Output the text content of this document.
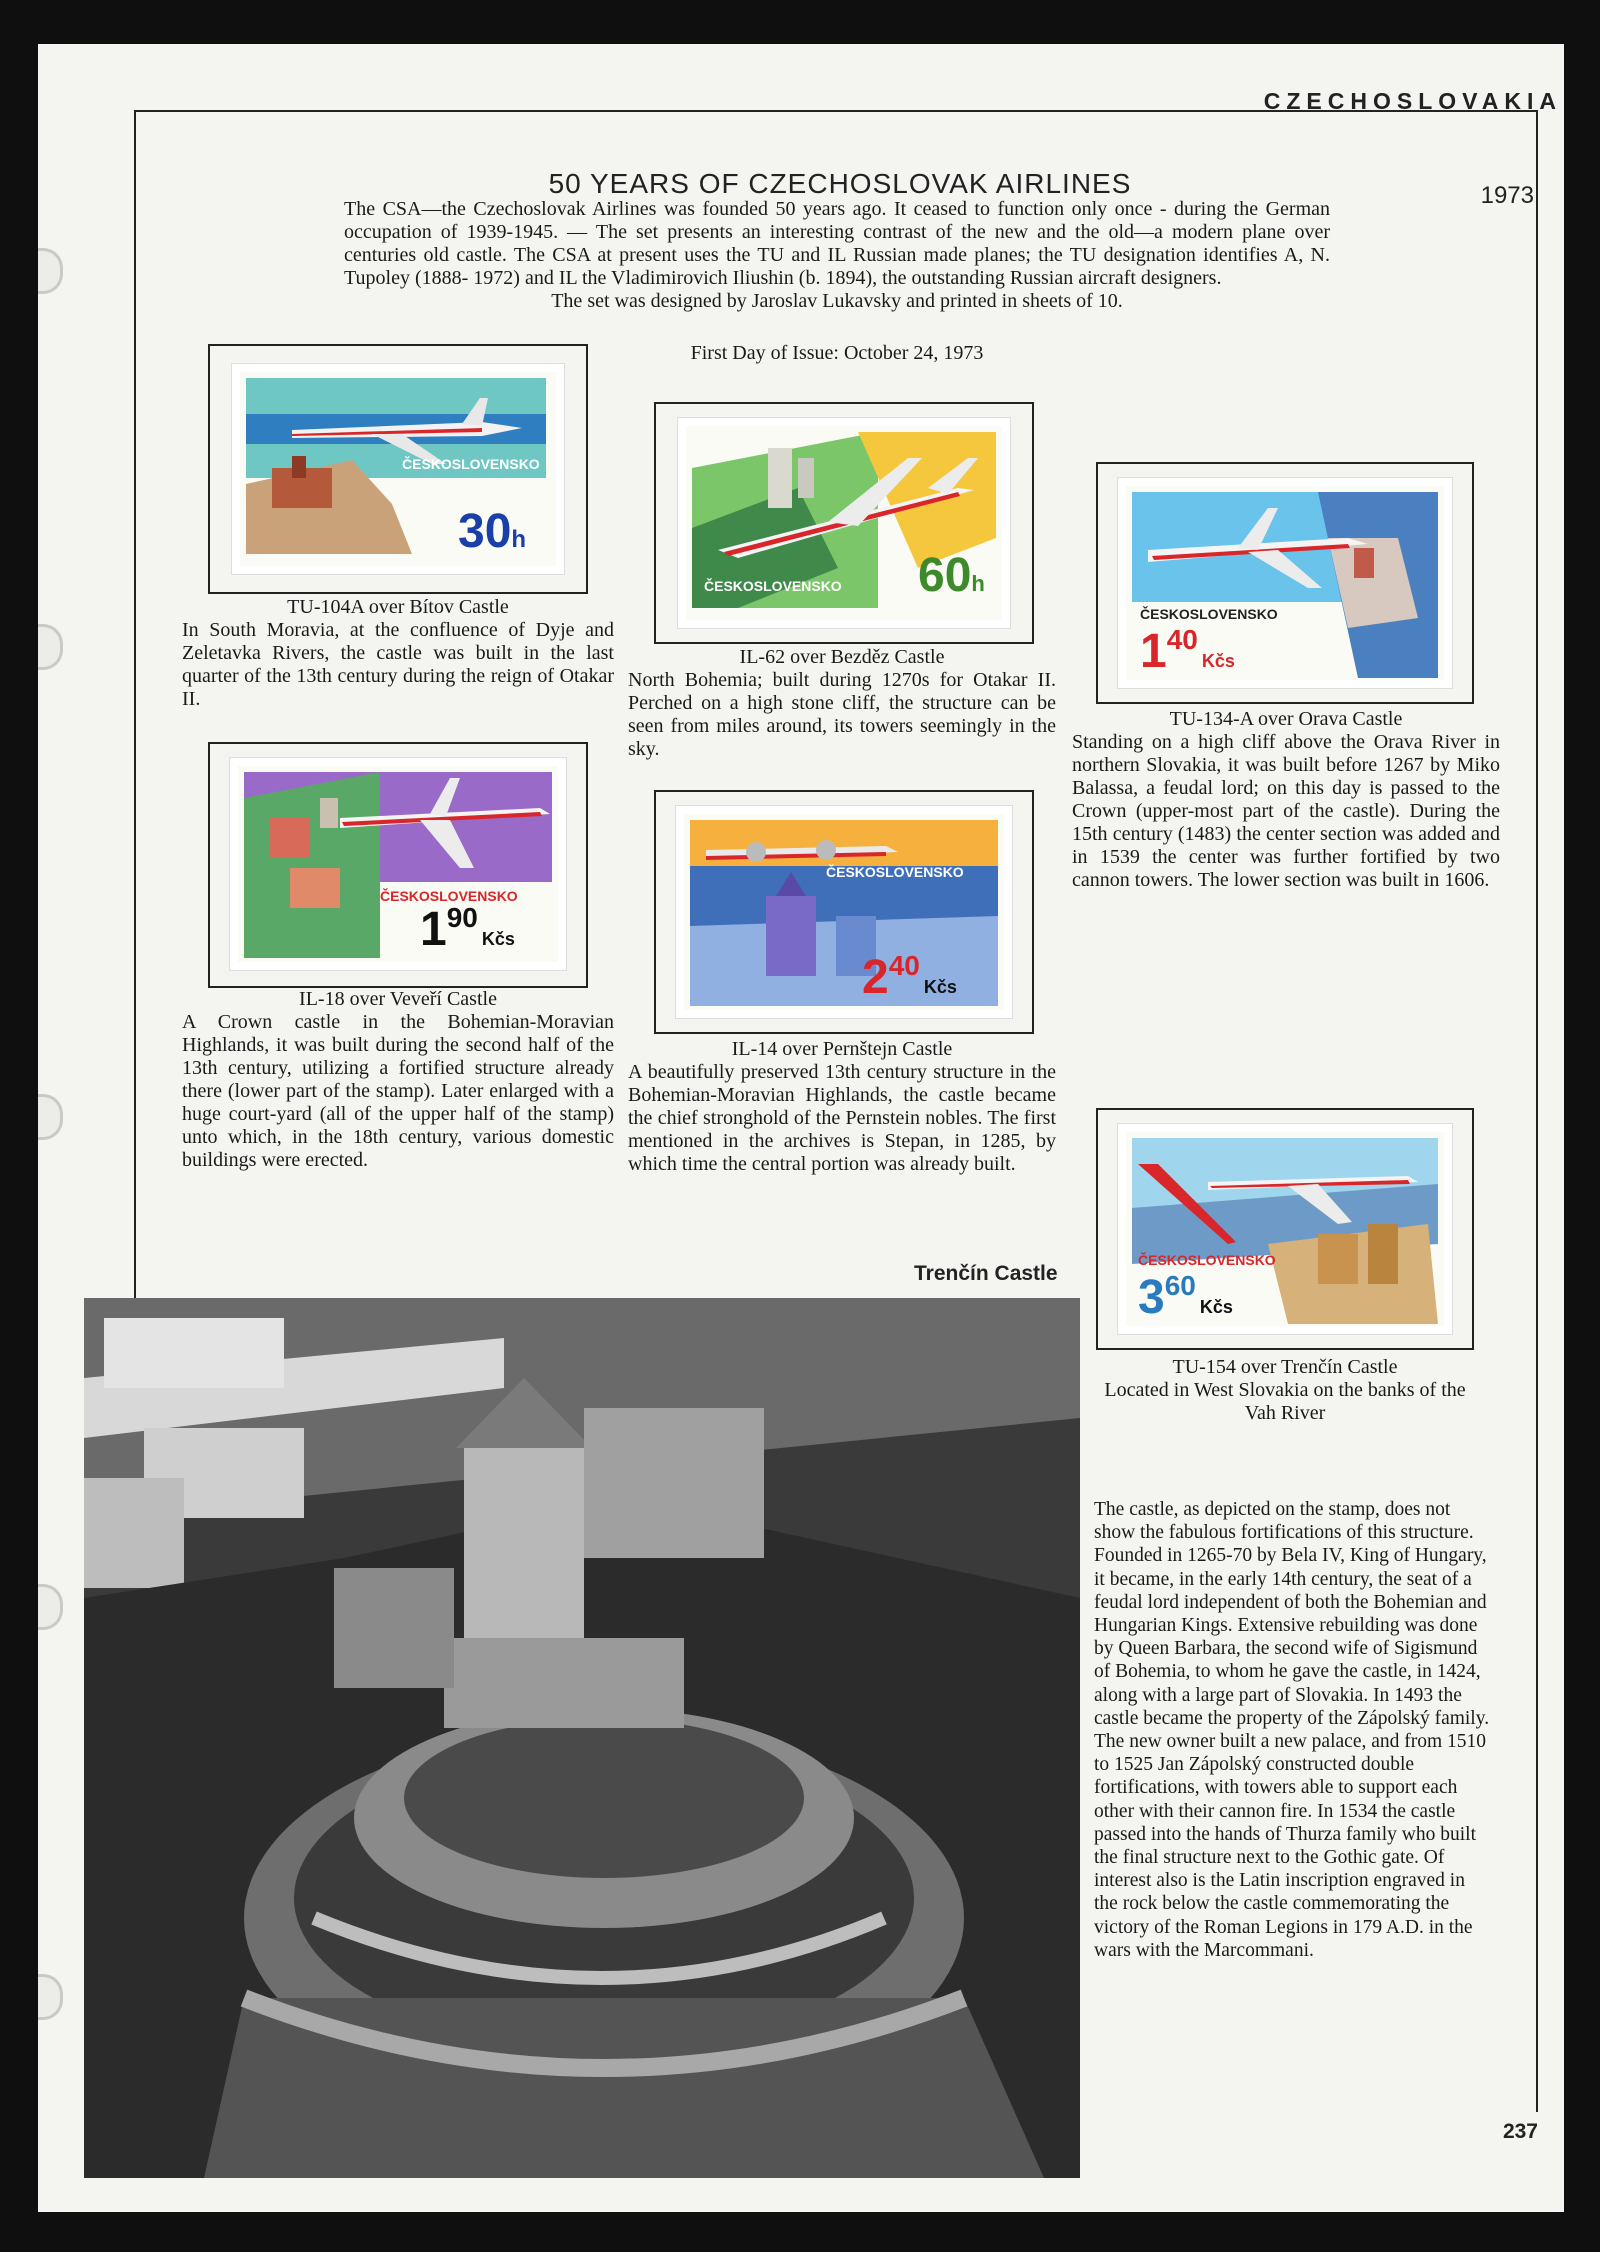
CZECHOSLOVAKIA
1973
50 YEARS OF CZECHOSLOVAK AIRLINES
The CSA—the Czechoslovak Airlines was founded 50 years ago. It ceased to function only once - during the German occupation of 1939-1945. — The set presents an interesting contrast of the new and the old—a modern plane over centuries old castle. The CSA at present uses the TU and IL Russian made planes; the TU designation identifies A, N. Tupoley (1888- 1972) and IL the Vladimirovich Iliushin (b. 1894), the outstanding Russian aircraft designers.
The set was designed by Jaroslav Lukavsky and printed in sheets of 10.
First Day of Issue: October 24, 1973
ČESKOSLOVENSKO
30h
TU-104A over Bítov Castle
In South Moravia, at the confluence of Dyje and Zeletavka Rivers, the castle was built in the last quarter of the 13th century during the reign of Otakar II.
ČESKOSLOVENSKO 60h
IL-62 over Bezděz Castle
North Bohemia; built during 1270s for Otakar II. Perched on a high stone cliff, the structure can be seen from miles around, its towers seemingly in the sky.
ČESKOSLOVENSKO
$1^{40}Kčs$
TU-134-A over Orava Castle
Standing on a high cliff above the Orava River in northern Slovakia, it was built before 1267 by Miko Balassa, a feudal lord; on this day is passed to the Crown (upper-most part of the castle). During the 15th century (1483) the center section was added and in 1539 the center was further fortified by two cannon towers. The lower section was built in 1606.
ČESKOSLOVENSKO
$1^{90}Kčs$
IL-18 over Veveří Castle
A Crown castle in the Bohemian-Moravian Highlands, it was built during the second half of the 13th century, utilizing a fortified structure already there (lower part of the stamp). Later enlarged with a huge court-yard (all of the upper half of the stamp) unto which, in the 18th century, various domestic buildings were erected.
ČESKOSLOVENSKO
$2^{40}Kčs$
IL-14 over Pernštejn Castle
A beautifully preserved 13th century structure in the Bohemian-Moravian Highlands, the castle became the chief stronghold of the Pernstein nobles. The first mentioned in the archives is Stepan, in 1285, by which time the central portion was already built.
ČESKOSLOVENSKO
$3^{60}Kčs$
TU-154 over Trenčín Castle
Located in West Slovakia on the banks of the Vah River
Trenčín Castle
The castle, as depicted on the stamp, does not show the fabulous fortifications of this structure. Founded in 1265-70 by Bela IV, King of Hungary, it became, in the early 14th century, the seat of a feudal lord independent of both the Bohemian and Hungarian Kings. Extensive rebuilding was done by Queen Barbara, the second wife of Sigismund of Bohemia, to whom he gave the castle, in 1424, along with a large part of Slovakia. In 1493 the castle became the property of the Zápolský family. The new owner built a new palace, and from 1510 to 1525 Jan Zápolský constructed double fortifications, with towers able to support each other with their cannon fire. In 1534 the castle passed into the hands of Thurza family who built the final structure next to the Gothic gate. Of interest also is the Latin inscription engraved in the rock below the castle commemorating the victory of the Roman Legions in 179 A.D. in the wars with the Marcommani.
237
